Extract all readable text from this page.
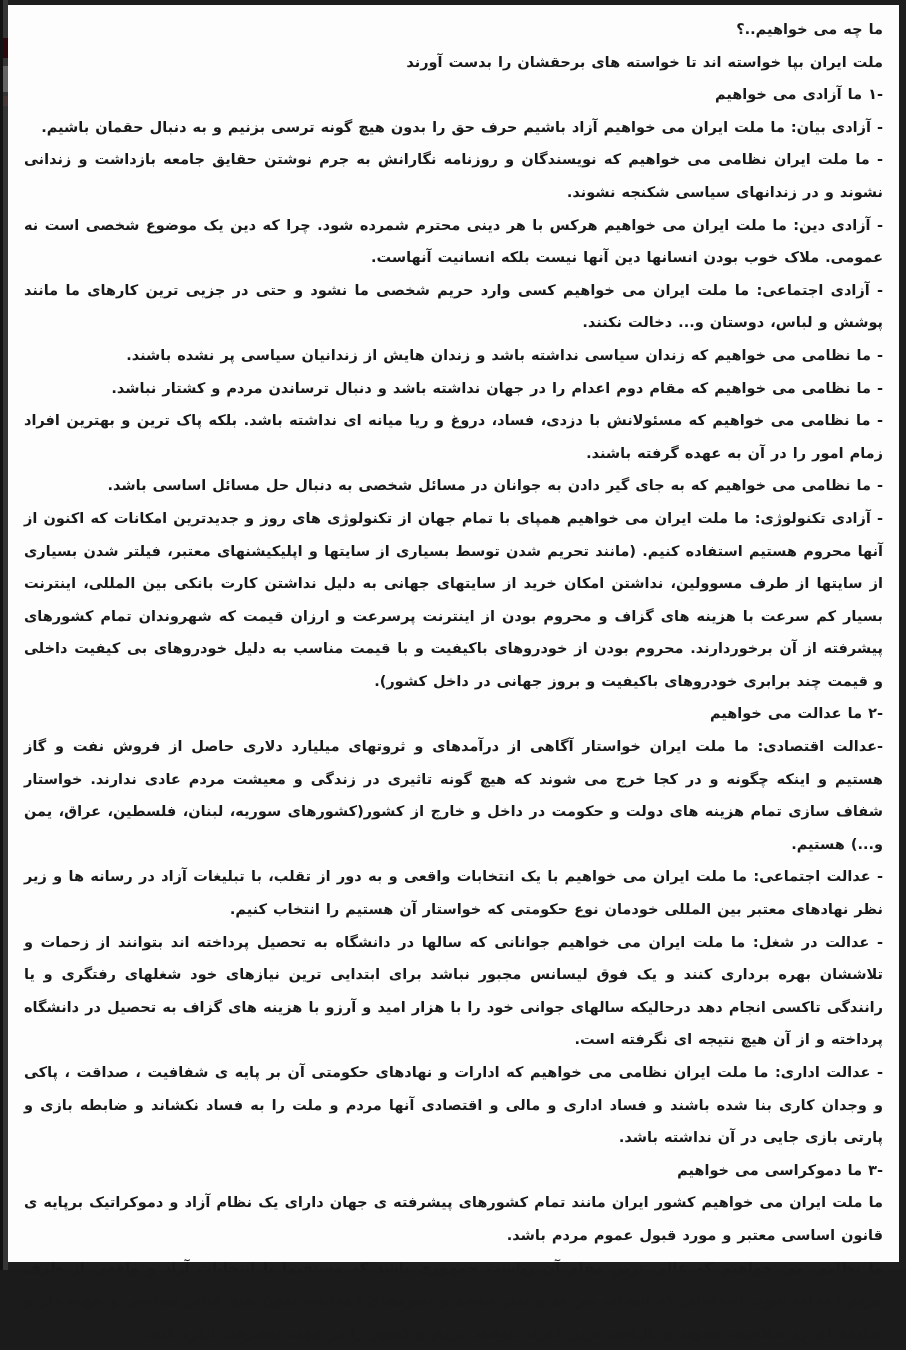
ما چه می خواهیم..؟

ملت ایران بپا خواسته اند تا خواسته های برحقشان را بدست آورند

-۱ ما آزادی می خواهیم

- آزادی بیان: ما ملت ایران می خواهیم آزاد باشیم حرف حق را بدون هیچ گونه ترسی بزنیم و به دنبال حقمان باشیم.

- ما ملت ایران نظامی می خواهیم که نویسندگان و روزنامه نگارانش به جرم نوشتن حقایق جامعه بازداشت و زندانی نشوند و در زندانهای سیاسی شکنجه نشوند.

- آزادی دین: ما ملت ایران می خواهیم هرکس با هر دینی محترم شمرده شود. چرا که دین یک موضوع شخصی است نه عمومی. ملاک خوب بودن انسانها دین آنها نیست بلکه انسانیت آنهاست.

- آزادی اجتماعی: ما ملت ایران می خواهیم کسی وارد حریم شخصی ما نشود و حتی در جزیی ترین کارهای ما مانند پوشش و لباس، دوستان و... دخالت نکنند.

- ما نظامی می خواهیم که زندان سیاسی نداشته باشد و زندان هایش از زندانیان سیاسی پر نشده باشند.

- ما نظامی می خواهیم که مقام دوم اعدام را در جهان نداشته باشد و دنبال ترساندن مردم و کشتار نباشد.

- ما نظامی می خواهیم که مسئولانش با دزدی، فساد، دروغ و ریا میانه ای نداشته باشد. بلکه پاک ترین و بهترین افراد زمام امور را در آن به عهده گرفته باشند.

- ما نظامی می خواهیم که به جای گیر دادن به جوانان در مسائل شخصی به دنبال حل مسائل اساسی باشد.

- آزادی تکنولوژی: ما ملت ایران می خواهیم همپای با تمام جهان از تکنولوژی های روز و جدیدترین امکانات که اکنون از آنها محروم هستیم استفاده کنیم. (مانند تحریم شدن توسط بسیاری از سایتها و اپلیکیشنهای معتبر، فیلتر شدن بسیاری از سایتها از طرف مسوولین، نداشتن امکان خرید از سایتهای جهانی به دلیل نداشتن کارت بانکی بین المللی، اینترنت بسیار کم سرعت با هزینه های گزاف و محروم بودن از اینترنت پرسرعت و ارزان قیمت که شهروندان تمام کشورهای پیشرفته از آن برخوردارند. محروم بودن از خودروهای باکیفیت و با قیمت مناسب به دلیل خودروهای بی کیفیت داخلی و قیمت چند برابری خودروهای باکیفیت و بروز جهانی در داخل کشور).

-۲ ما عدالت می خواهیم

-عدالت اقتصادی: ما ملت ایران خواستار آگاهی از درآمدهای و ثروتهای میلیارد دلاری حاصل از فروش نفت و گاز هستیم و اینکه چگونه و در کجا خرج می شوند که هیچ گونه تاثیری در زندگی و معیشت مردم عادی ندارند. خواستار شفاف سازی تمام هزینه های دولت و حکومت در داخل و خارج از کشور(کشورهای سوریه، لبنان، فلسطین، عراق، یمن و...) هستیم.

- عدالت اجتماعی: ما ملت ایران می خواهیم با یک انتخابات واقعی و به دور از تقلب، با تبلیغات آزاد در رسانه ها و زیر نظر نهادهای معتبر بین المللی خودمان نوع حکومتی که خواستار آن هستیم را انتخاب کنیم.

- عدالت در شغل: ما ملت ایران می خواهیم جوانانی که سالها در دانشگاه به تحصیل پرداخته اند بتوانند از زحمات و تلاششان بهره برداری کنند و یک فوق لیسانس مجبور نباشد برای ابتدایی ترین نیازهای خود شغلهای رفتگری و یا رانندگی تاکسی انجام دهد درحالیکه سالهای جوانی خود را با هزار امید و آرزو با هزینه های گزاف به تحصیل در دانشگاه پرداخته و از آن هیچ نتیجه ای نگرفته است.

- عدالت اداری: ما ملت ایران نظامی می خواهیم که ادارات و نهادهای حکومتی آن بر پایه ی شفافیت ، صداقت ، پاکی و وجدان کاری بنا شده باشند و فساد اداری و مالی و اقتصادی آنها مردم و ملت را به فساد نکشاند و ضابطه بازی و پارتی بازی جایی در آن نداشته باشد.

-۳ ما دموکراسی می خواهیم

ما ملت ایران می خواهیم کشور ایران مانند تمام کشورهای پیشرفته ی جهان دارای یک نظام آزاد و دموکراتیک برپایه ی قانون اساسی معتبر و مورد قبول عموم مردم باشد.

ما نظامی می خواهیم که عالی ترین مقام آن ریاست جمهوری باشد که مستقیما با انتخابات آزاد و واقعی از طرف مردم انتخاب شود. انتخاباتی که انتخاب بین بد و بدتر نباشد و نامزدهای انتخابات بدون هیچ فیلتر سیاسی و جهت دار و سلیقه ای رد صلاحیت نشوند و بالیاقت ترین افراد بتوانند مردم و کشور را در جهت پیشرفت اداره کنند.
